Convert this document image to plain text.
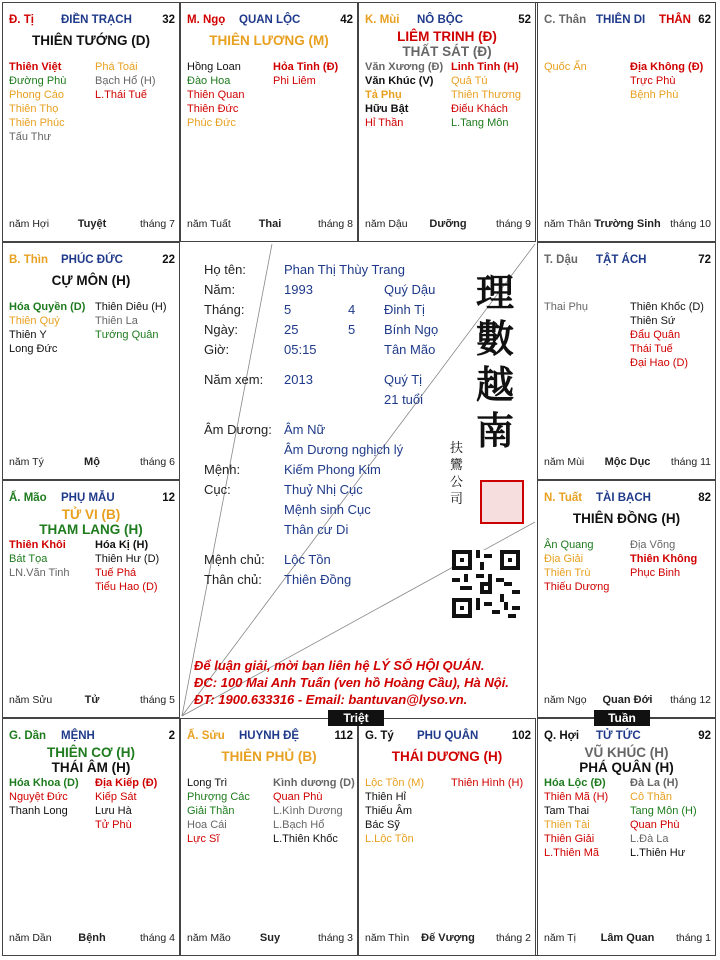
Đ. Tị ĐIỀN TRẠCH	32
THIÊN TƯỚNG (D)
Thiên Việt
Đường Phù
Phong Cáo
Thiên Thọ
Thiên Phúc
Tấu Thư
Phá Toái
Bạch Hổ (H)
L.Thái Tuế
năm Hợi	Tuyệt	tháng 7
M. Ngọ QUAN LỘC	42
THIÊN LƯƠNG (M)
Hồng Loan
Đào Hoa
Thiên Quan
Thiên Đức
Phúc Đức
Hỏa Tinh (Đ)
Phi Liêm
năm Tuất	Thai	tháng 8
K. Mùi NÔ BỘC	52
LIÊM TRINH (Đ)
THẤT SÁT (Đ)
Văn Xương (Đ)
Văn Khúc (V)
Tả Phụ
Hữu Bật
Hỉ Thần
Linh Tinh (H)
Quả Tú
Thiên Thương
Điếu Khách
L.Tang Môn
năm Dậu	Dưỡng	tháng 9
C. Thân THIÊN DI	62
THÂN
Quốc Ấn	Địa Không (Đ)
Trực Phù
Bệnh Phù
năm Thân Trường Sinh tháng 10
B. Thìn PHÚC ĐỨC	22
CỰ MÔN (H)
Hóa Quyền (D)
Thiên Quý
Thiên Y
Long Đức
Thiên Diêu (H)
Thiên La
Tướng Quân
năm Tý	Mộ	tháng 6
T. Dậu TẬT ÁCH	72
Thai Phụ	Thiên Khốc (D)
Thiên Sứ
Đẩu Quân
Thái Tuế
Đại Hao (D)
năm Mùi	Mộc Dục	tháng 11
Ấ. Mão PHỤ MẪU	12
TỬ VI (B)
THAM LANG (H)
Thiên Khôi
Bát Tọa
LN.Văn Tinh
Hóa Kị (H)
Thiên Hư (D)
Tuế Phá
Tiểu Hao (D)
năm Sửu	Tử	tháng 5
N. Tuất TÀI BẠCH	82
THIÊN ĐỒNG (H)
Ân Quang
Địa Giải
Thiên Trù
Thiếu Dương
Địa Võng
Thiên Không
Phục Binh
năm Ngọ	Quan Đới	tháng 12
G. Dần MỆNH	2
THIÊN CƠ (H)
THÁI ÂM (H)
Hóa Khoa (D)
Nguyệt Đức
Thanh Long
Địa Kiếp (Đ)
Kiếp Sát
Lưu Hà
Tử Phù
năm Dần	Bệnh	tháng 4
Ấ. Sửu HUYNH ĐỆ	112
THIÊN PHỦ (B)
Long Trì
Phượng Các
Giải Thần
Hoa Cái
Lực Sĩ
Kình dương (D)
Quan Phù
L.Kình Dương
L.Bạch Hổ
L.Thiên Khốc
năm Mão	Suy	tháng 3
G. Tý PHU QUÂN	102
THÁI DƯƠNG (H)
Lộc Tồn (M)
Thiên Hỉ
Thiếu Âm
Bác Sỹ
L.Lộc Tồn
Thiên Hình (H)
năm Thìn	Đế Vượng	tháng 2
Q. Hợi TỬ TỨC	92
VŨ KHÚC (H)
PHÁ QUÂN (H)
Hóa Lộc (Đ)
Thiên Mã (H)
Tam Thai
Thiên Tài
Thiên Giải
L.Thiên Mã
Đà La (H)
Cô Thần
Tang Môn (H)
Quan Phù
L.Đà La
L.Thiên Hư
năm Tị	Lâm Quan	tháng 1
Họ tên:	Phan Thị Thùy Trang
Năm:	1993	Quý Dậu
Tháng:	5	4 Đinh Tị
Ngày:	25	5 Bính Ngọ
Giờ:	05:15	Tân Mão
Năm xem: 2013	Quý Tị
21 tuổi
Âm Dương: Âm Nữ
Âm Dương nghịch lý
Mệnh:	Kiếm Phong Kim
Cục:	Thuỷ Nhị Cục
Mệnh sinh Cục
Thân cư Di
Mệnh chủ: Lộc Tồn
Thân chủ: Thiên Đồng
理
數
越
南
扶
鸞
公
司
Để luận giải, mời bạn liên hệ LÝ SỐ HỘI QUÁN.
ĐC: 100 Mai Anh Tuấn (ven hồ Hoàng Cầu), Hà Nội.
ĐT: 1900.633316 - Email: bantuvan@lyso.vn.
Triệt	Tuần
